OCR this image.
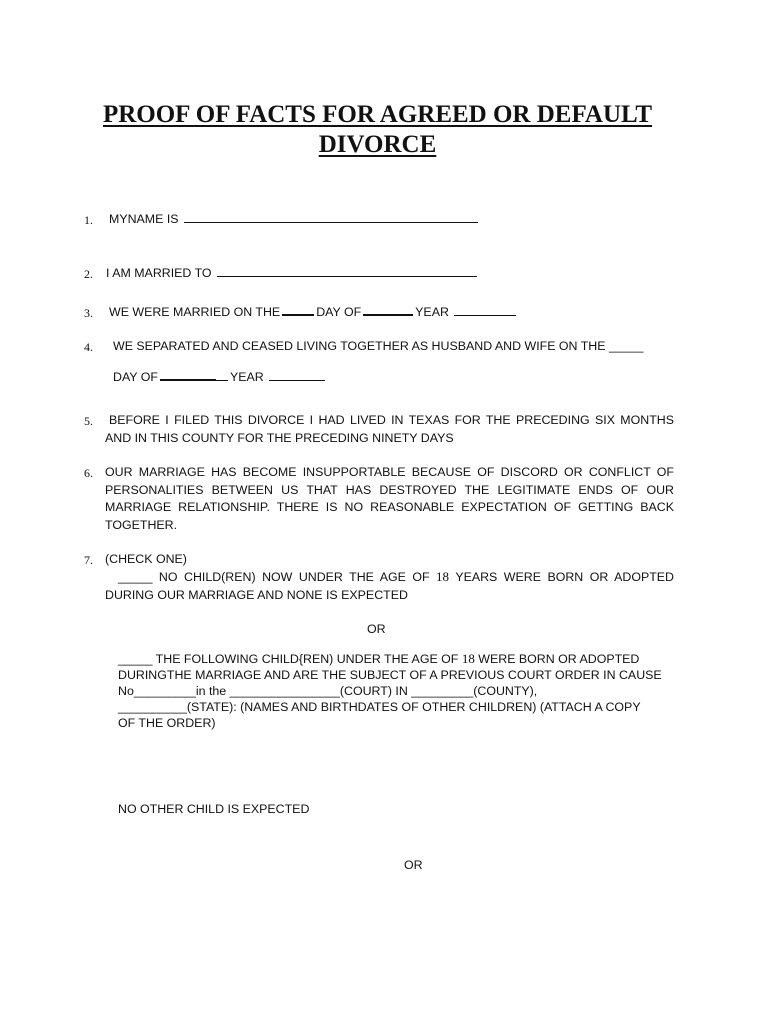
PROOF OF FACTS FOR AGREED OR DEFAULT DIVORCE
1. MYNAME IS
2. I AM MARRIED TO
3. WE WERE MARRIED ON THE	DAY OF	YEAR
4. WE SEPARATED AND CEASED LIVING TOGETHER AS HUSBAND AND WIFE ON THE _____
DAY OF	YEAR
5.	BEFORE I FILED THIS DIVORCE I HAD LIVED IN TEXAS FOR THE PRECEDING SIX MONTHS
AND IN THIS COUNTY FOR THE PRECEDING NINETY DAYS
6. OUR MARRIAGE HAS BECOME INSUPPORTABLE BECAUSE OF DISCORD OR CONFLICT OF
PERSONALITIES BETWEEN US THAT HAS DESTROYED THE LEGITIMATE ENDS OF OUR
MARRIAGE RELATIONSHIP. THERE IS NO REASONABLE EXPECTATION OF GETTING BACK
TOGETHER.
7. (CHECK ONE)
_____ NO CHILD(REN) NOW UNDER THE AGE OF 18 YEARS WERE BORN OR ADOPTED
DURING OUR MARRIAGE AND NONE IS EXPECTED
OR
_____ THE FOLLOWING CHILD{REN) UNDER THE AGE OF 18 WERE BORN OR ADOPTED
DURINGTHE MARRIAGE AND ARE THE SUBJECT OF A PREVIOUS COURT ORDER IN CAUSE
No_________in the ________________(COURT) IN _________(COUNTY),
__________(STATE): (NAMES AND BIRTHDATES OF OTHER CHILDREN) (ATTACH A COPY
OF THE ORDER)
NO OTHER CHILD IS EXPECTED
OR
